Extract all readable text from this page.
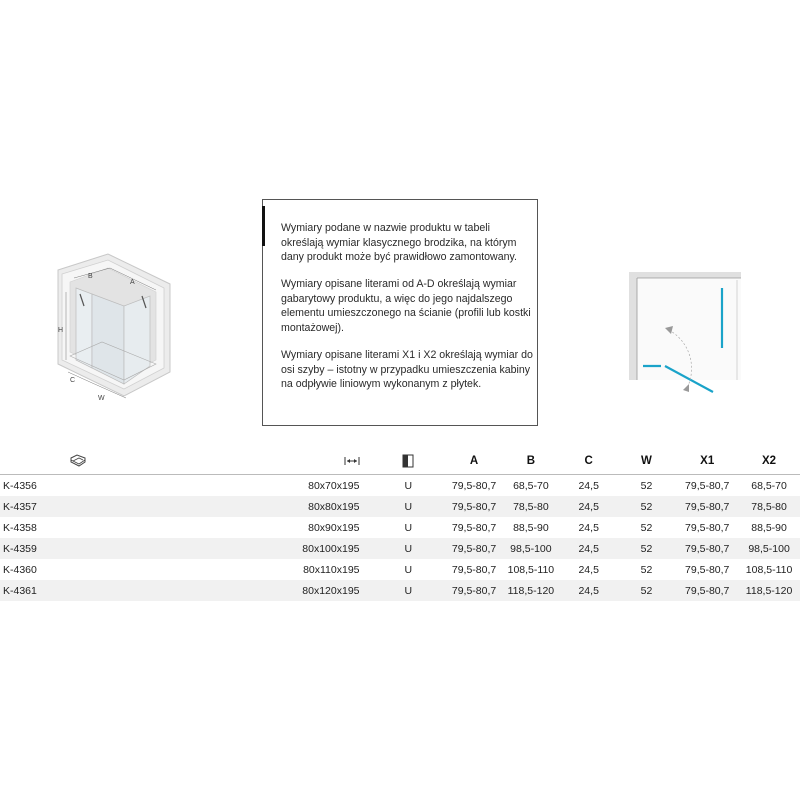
B
A
H
C
W

Wymiary podane w nazwie produktu w tabeli określają wymiar klasycznego brodzika, na którym dany produkt może być prawidłowo zamontowany.

Wymiary opisane literami od A-D określają wymiar gabarytowy produktu, a więc do jego najdalszego elementu umieszczonego na ścianie (profili lub kostki montażowej).

Wymiary opisane literami X1 i X2 określają wymiar do osi szyby – istotny w przypadku umieszczenia kabiny na odpływie liniowym wykonanym z płytek.

			A	B	C	W	X1	X2
K-4356	80x70x195	U	79,5-80,7	68,5-70	24,5	52	79,5-80,7	68,5-70
K-4357	80x80x195	U	79,5-80,7	78,5-80	24,5	52	79,5-80,7	78,5-80
K-4358	80x90x195	U	79,5-80,7	88,5-90	24,5	52	79,5-80,7	88,5-90
K-4359	80x100x195	U	79,5-80,7	98,5-100	24,5	52	79,5-80,7	98,5-100
K-4360	80x110x195	U	79,5-80,7	108,5-110	24,5	52	79,5-80,7	108,5-110
K-4361	80x120x195	U	79,5-80,7	118,5-120	24,5	52	79,5-80,7	118,5-120
